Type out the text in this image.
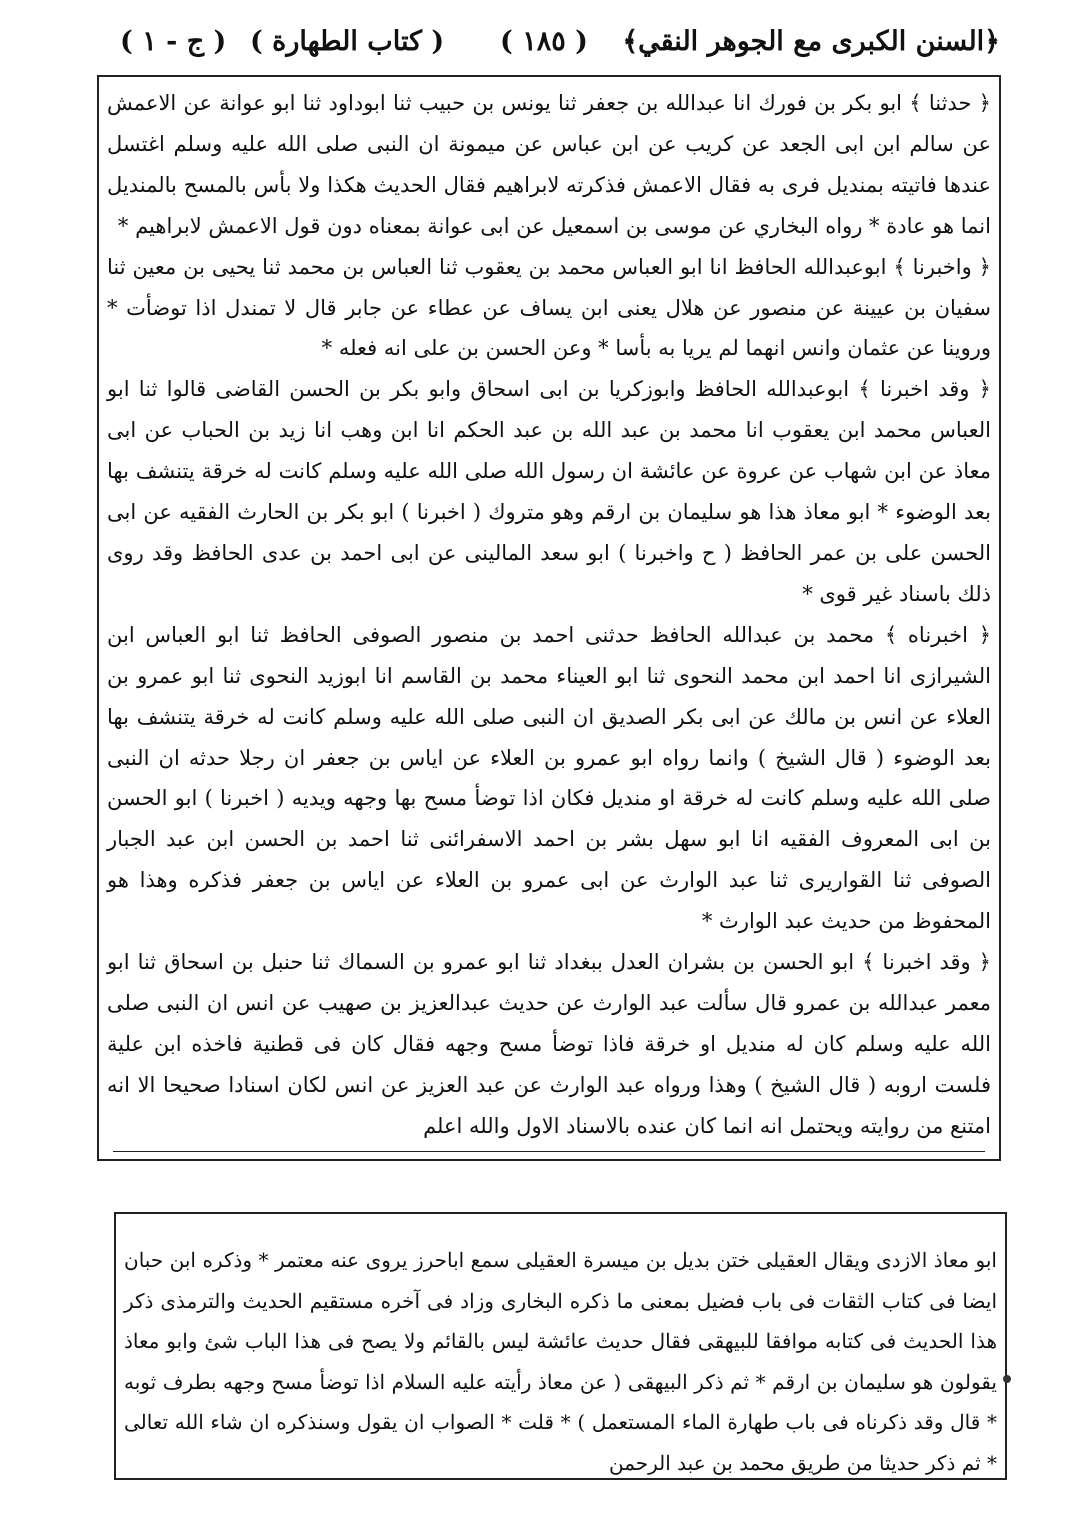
﴿السنن الكبرى مع الجوهر النقي﴾
( ١٨٥ )
( كتاب الطهارة )
( ج - ١ )

﴿ حدثنا ﴾ ابو بكر بن فورك انا عبدالله بن جعفر ثنا يونس بن حبيب ثنا ابوداود ثنا ابو عوانة عن الاعمش عن سالم ابن ابى الجعد عن كريب عن ابن عباس عن ميمونة ان النبى صلى الله عليه وسلم اغتسل عندها فاتيته بمنديل فرى به فقال الاعمش فذكرته لابراهيم فقال الحديث هكذا ولا بأس بالمسح بالمنديل انما هو عادة * رواه البخاري عن موسى بن اسمعيل عن ابى عوانة بمعناه دون قول الاعمش لابراهيم *

﴿ واخبرنا ﴾ ابوعبدالله الحافظ انا ابو العباس محمد بن يعقوب ثنا العباس بن محمد ثنا يحيى بن معين ثنا سفيان بن عيينة عن منصور عن هلال يعنى ابن يساف عن عطاء عن جابر قال لا تمندل اذا توضأت * وروينا عن عثمان وانس انهما لم يريا به بأسا * وعن الحسن بن على انه فعله *

﴿ وقد اخبرنا ﴾ ابوعبدالله الحافظ وابوزكريا بن ابى اسحاق وابو بكر بن الحسن القاضى قالوا ثنا ابو العباس محمد ابن يعقوب انا محمد بن عبد الله بن عبد الحكم انا ابن وهب انا زيد بن الحباب عن ابى معاذ عن ابن شهاب عن عروة عن عائشة ان رسول الله صلى الله عليه وسلم كانت له خرقة يتنشف بها بعد الوضوء * ابو معاذ هذا هو سليمان بن ارقم وهو متروك ( اخبرنا ) ابو بكر بن الحارث الفقيه عن ابى الحسن على بن عمر الحافظ ( ح واخبرنا ) ابو سعد المالينى عن ابى احمد بن عدى الحافظ وقد روى ذلك باسناد غير قوى *

﴿ اخبرناه ﴾ محمد بن عبدالله الحافظ حدثنى احمد بن منصور الصوفى الحافظ ثنا ابو العباس ابن الشيرازى انا احمد ابن محمد النحوى ثنا ابو العيناء محمد بن القاسم انا ابوزيد النحوى ثنا ابو عمرو بن العلاء عن انس بن مالك عن ابى بكر الصديق ان النبى صلى الله عليه وسلم كانت له خرقة يتنشف بها بعد الوضوء ( قال الشيخ ) وانما رواه ابو عمرو بن العلاء عن اياس بن جعفر ان رجلا حدثه ان النبى صلى الله عليه وسلم كانت له خرقة او منديل فكان اذا توضأ مسح بها وجهه ويديه ( اخبرنا ) ابو الحسن بن ابى المعروف الفقيه انا ابو سهل بشر بن احمد الاسفرائنى ثنا احمد بن الحسن ابن عبد الجبار الصوفى ثنا القواريرى ثنا عبد الوارث عن ابى عمرو بن العلاء عن اياس بن جعفر فذكره وهذا هو المحفوظ من حديث عبد الوارث *

﴿ وقد اخبرنا ﴾ ابو الحسن بن بشران العدل ببغداد ثنا ابو عمرو بن السماك ثنا حنبل بن اسحاق ثنا ابو معمر عبدالله بن عمرو قال سألت عبد الوارث عن حديث عبدالعزيز بن صهيب عن انس ان النبى صلى الله عليه وسلم كان له منديل او خرقة فاذا توضأ مسح وجهه فقال كان فى قطنية فاخذه ابن علية فلست اروبه ( قال الشيخ ) وهذا ورواه عبد الوارث عن عبد العزيز عن انس لكان اسنادا صحيحا الا انه امتنع من روايته ويحتمل انه انما كان عنده بالاسناد الاول والله اعلم

ابو معاذ الازدى ويقال العقيلى ختن بديل بن ميسرة العقيلى سمع اباحرز يروى عنه معتمر * وذكره ابن حبان ايضا فى كتاب الثقات فى باب فضيل بمعنى ما ذكره البخارى وزاد فى آخره مستقيم الحديث والترمذى ذكر هذا الحديث فى كتابه موافقا للبيهقى فقال حديث عائشة ليس بالقائم ولا يصح فى هذا الباب شئ وابو معاذ يقولون هو سليمان بن ارقم * ثم ذكر البيهقى ( عن معاذ رأيته عليه السلام اذا توضأ مسح وجهه بطرف ثوبه * قال وقد ذكرناه فى باب طهارة الماء المستعمل ) * قلت * الصواب ان يقول وسنذكره ان شاء الله تعالى * ثم ذكر حديثا من طريق محمد بن عبد الرحمن
